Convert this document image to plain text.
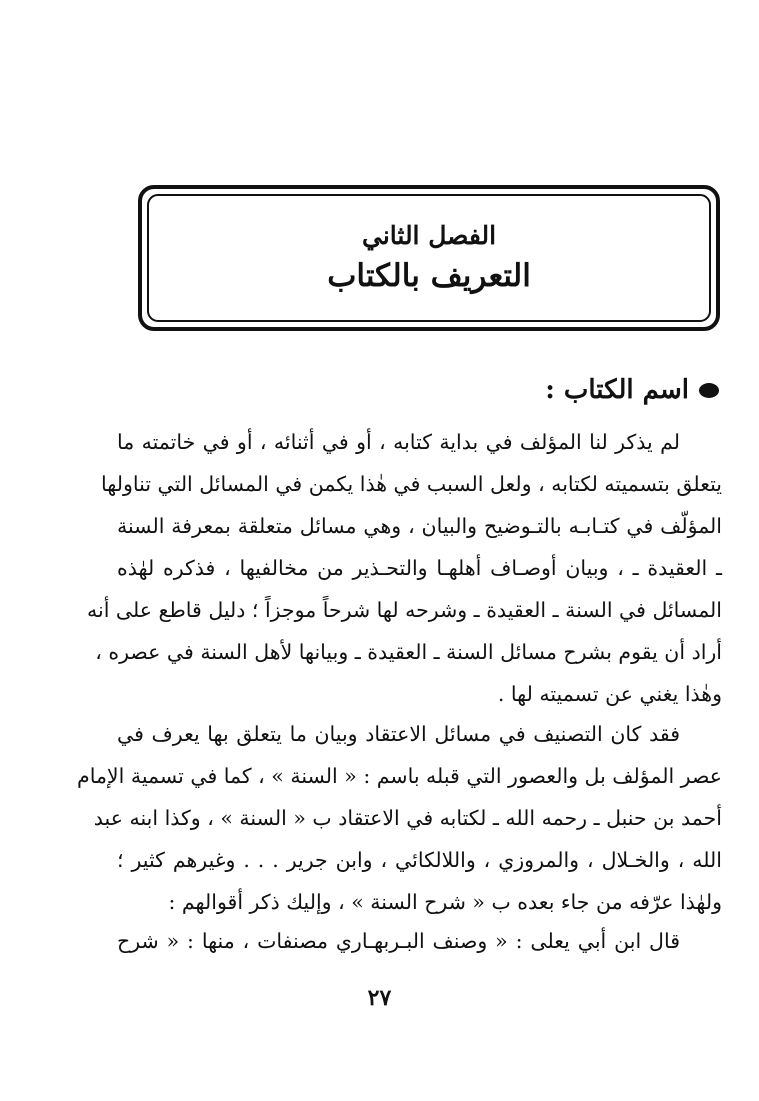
الفصل الثاني
التعريف بالكتاب
اسم الكتاب :
لم يذكر لنا المؤلف في بداية كتابه ، أو في أثنائه ، أو في خاتمته ما
يتعلق بتسميته لكتابه ، ولعل السبب في هٰذا يكمن في المسائل التي تناولها
المؤلّف في كتـابـه بالتـوضيح والبيان ، وهي مسائل متعلقة بمعرفة السنة
ـ العقيدة ـ ، وبيان أوصـاف أهلهـا والتحـذير من مخالفيها ، فذكره لهٰذه
المسائل في السنة ـ العقيدة ـ وشرحه لها شرحاً موجزاً ؛ دليل قاطع على أنه
أراد أن يقوم بشرح مسائل السنة ـ العقيدة ـ وبيانها لأهل السنة في عصره ،
وهٰذا يغني عن تسميته لها .
فقد كان التصنيف في مسائل الاعتقاد وبيان ما يتعلق بها يعرف في
عصر المؤلف بل والعصور التي قبله باسم : « السنة » ، كما في تسمية الإمام
أحمد بن حنبل ـ رحمه الله ـ لكتابه في الاعتقاد ب « السنة » ، وكذا ابنه عبد
الله ، والخـلال ، والمروزي ، واللالكائي ، وابن جرير . . . وغيرهم كثير ؛
ولهٰذا عرّفه من جاء بعده ب « شرح السنة » ، وإليك ذكر أقوالهم :
قال ابن أبي يعلى : « وصنف البـربهـاري مصنفات ، منها : « شرح
٢٧
